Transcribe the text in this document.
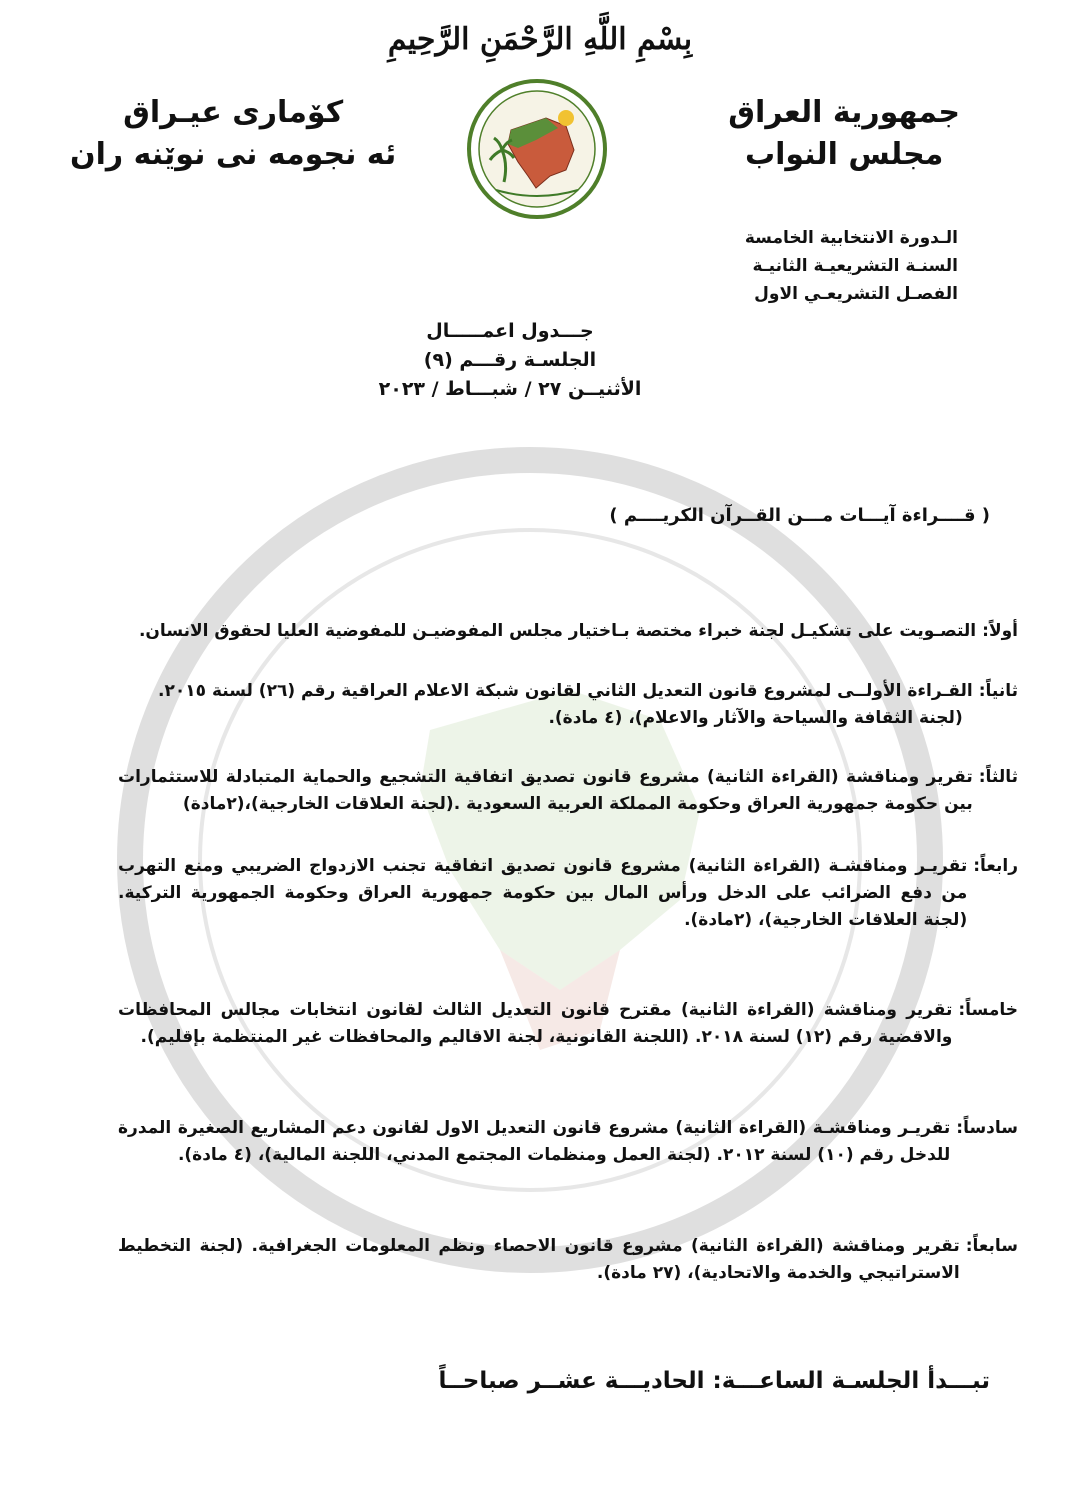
بِسْمِ اللَّهِ الرَّحْمَنِ الرَّحِيمِ
جمهورية العراق
مجلس النواب
كۆمارى عيـراق
ئه نجومه نى نوێنه ران
الـدورة الانتخابية الخامسة
السنـة التشريعيـة الثانيـة
الفصـل التشريعـي الاول
جـــدول اعمـــــال
الجلسـة رقـــم (٩)
الأثنيــن ٢٧ / شبـــاط / ٢٠٢٣
( قــــراءة آيـــات مـــن القــرآن الكريــــم )
أولاً:
التصـويت على تشكيـل لجنة خبراء مختصة بـاختيار مجلس المفوضيـن للمفوضية العليا لحقوق الانسان.
ثانياً:
القـراءة الأولــى لمشروع قانون التعديل الثاني لقانون شبكة الاعلام العراقية رقم (٢٦) لسنة ٢٠١٥.
(لجنة الثقافة والسياحة والآثار والاعلام)، (٤ مادة).
ثالثاً:
تقرير ومناقشة (القراءة الثانية) مشروع قانون تصديق اتفاقية التشجيع والحماية المتبادلة للاستثمارات بين حكومة جمهورية العراق وحكومة المملكة العربية السعودية .(لجنة العلاقات الخارجية)،(٢مادة)
رابعاً:
تقريـر ومناقشـة (القراءة الثانية) مشروع قانون تصديق اتفاقية تجنب الازدواج الضريبي ومنع التهرب من دفع الضرائب على الدخل ورأس المال بين حكومة جمهورية العراق وحكومة الجمهورية التركية. (لجنة العلاقات الخارجية)، (٢مادة).
خامساً:
تقرير ومناقشة (القراءة الثانية) مقترح قانون التعديل الثالث لقانون انتخابات مجالس المحافظات والاقضية رقم (١٢) لسنة ٢٠١٨. (اللجنة القانونية، لجنة الاقاليم والمحافظات غير المنتظمة بإقليم).
سادساً:
تقريـر ومناقشـة (القراءة الثانية) مشروع قانون التعديل الاول لقانون دعم المشاريع الصغيرة المدرة للدخل رقم (١٠) لسنة ٢٠١٢. (لجنة العمل ومنظمات المجتمع المدني، اللجنة المالية)، (٤ مادة).
سابعاً:
تقرير ومناقشة (القراءة الثانية) مشروع قانون الاحصاء ونظم المعلومات الجغرافية. (لجنة التخطيط الاستراتيجي والخدمة والاتحادية)، (٢٧ مادة).
تبـــدأ الجلسـة الساعـــة: الحاديـــة عشــر صباحــاً
